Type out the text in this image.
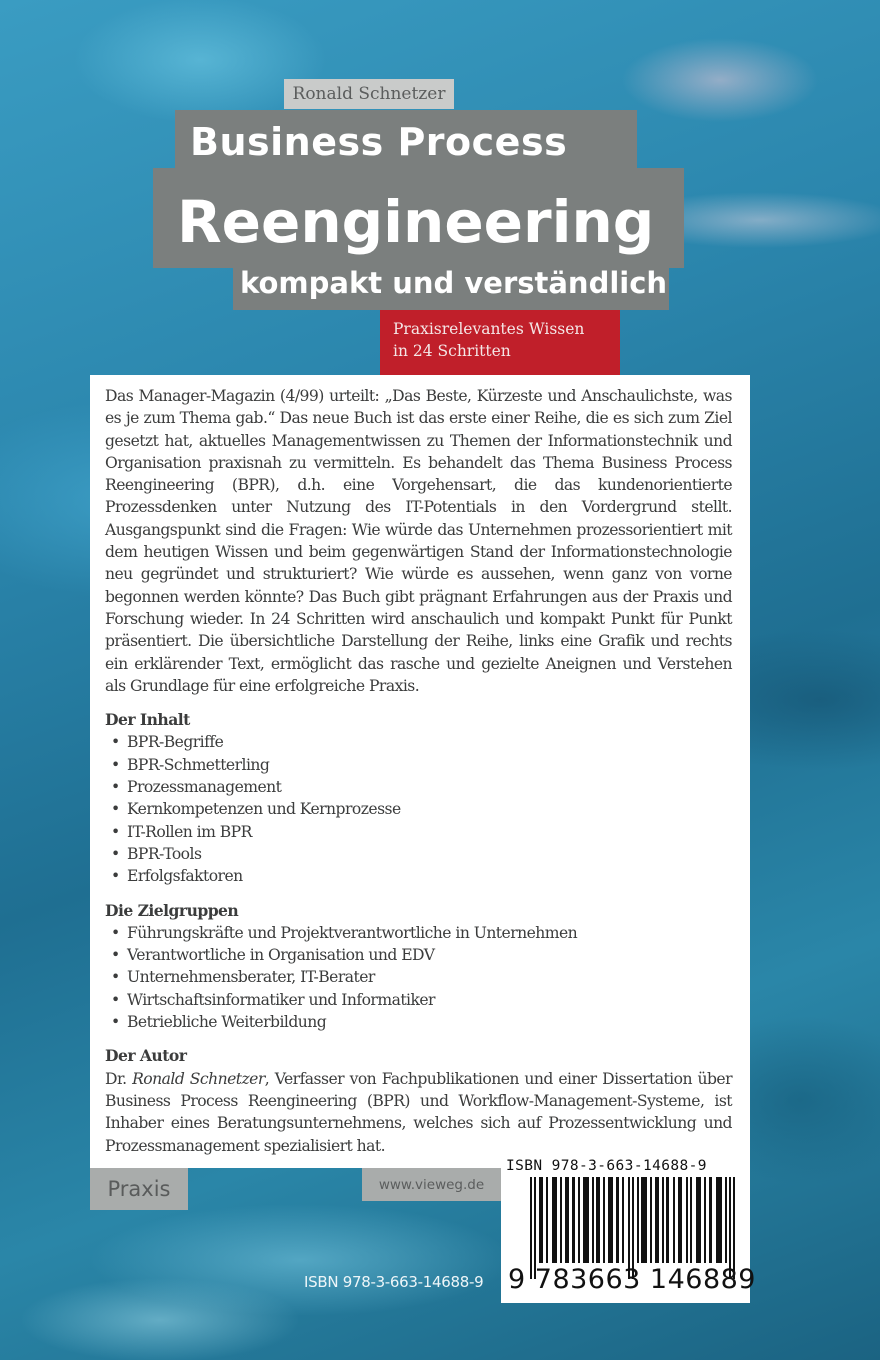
Ronald Schnetzer
Business Process
Reengineering
kompakt und verständlich
Praxisrelevantes Wissen
in 24 Schritten

Das Manager-Magazin (4/99) urteilt: „Das Beste, Kürzeste und Anschaulichste, was es je zum Thema gab.“ Das neue Buch ist das erste einer Reihe, die es sich zum Ziel gesetzt hat, aktuelles Managementwissen zu Themen der Informationstechnik und Organisation praxisnah zu vermitteln. Es behandelt das Thema Business Process Reengineering (BPR), d.h. eine Vorgehensart, die das kundenorientierte Prozessdenken unter Nutzung des IT-Potentials in den Vordergrund stellt. Ausgangspunkt sind die Fragen: Wie würde das Unternehmen prozessorientiert mit dem heutigen Wissen und beim gegenwärtigen Stand der Informationstechnologie neu gegründet und strukturiert? Wie würde es aussehen, wenn ganz von vorne begonnen werden könnte? Das Buch gibt prägnant Erfahrungen aus der Praxis und Forschung wieder. In 24 Schritten wird anschaulich und kompakt Punkt für Punkt präsentiert. Die übersichtliche Darstellung der Reihe, links eine Grafik und rechts ein erklärender Text, ermöglicht das rasche und gezielte Aneignen und Verstehen als Grundlage für eine erfolgreiche Praxis.

Der Inhalt
• BPR-Begriffe
• BPR-Schmetterling
• Prozessmanagement
• Kernkompetenzen und Kernprozesse
• IT-Rollen im BPR
• BPR-Tools
• Erfolgsfaktoren
Die Zielgruppen
• Führungskräfte und Projektverantwortliche in Unternehmen
• Verantwortliche in Organisation und EDV
• Unternehmensberater, IT-Berater
• Wirtschaftsinformatiker und Informatiker
• Betriebliche Weiterbildung
Der Autor

Dr. Ronald Schnetzer, Verfasser von Fachpublikationen und einer Dissertation über Business Process Reengineering (BPR) und Workflow-Management-Systeme, ist Inhaber eines Beratungsunternehmens, welches sich auf Prozessentwicklung und Prozessmanagement spezialisiert hat.

Praxis	www.vieweg.de
ISBN 978-3-663-14688-9
9 783663 146889
ISBN 978-3-663-14688-9
